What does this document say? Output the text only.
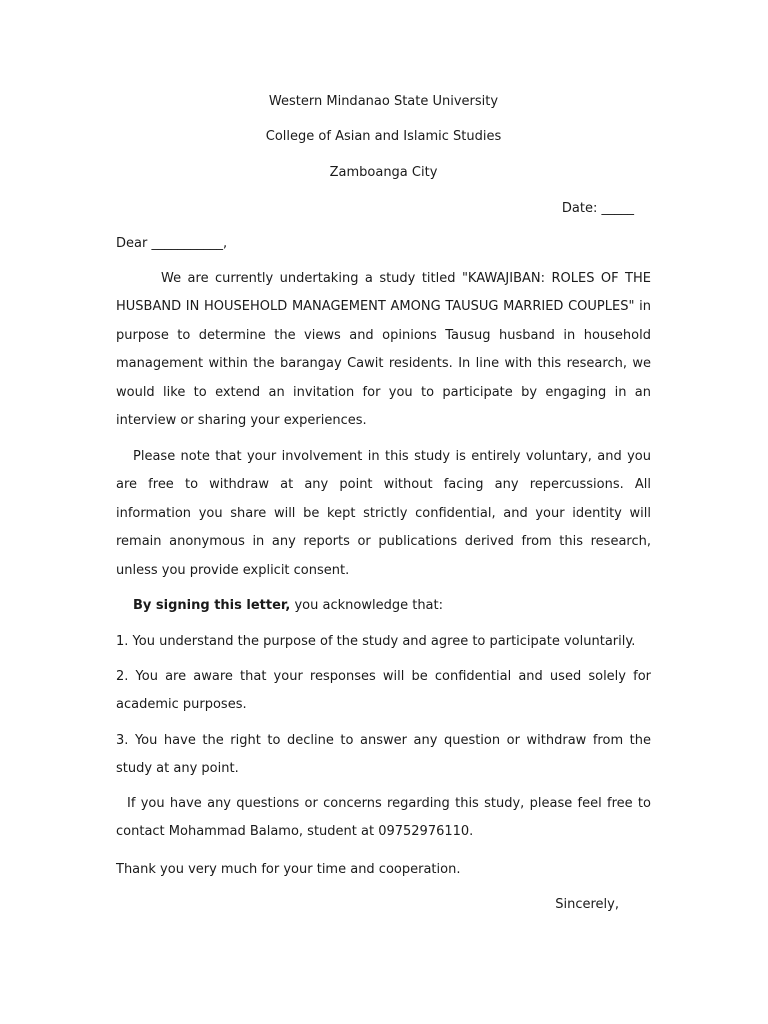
Western Mindanao State University
College of Asian and Islamic Studies
Zamboanga City
Date: _____
Dear ___________,

We are currently undertaking a study titled "KAWAJIBAN: ROLES OF THE HUSBAND IN HOUSEHOLD MANAGEMENT AMONG TAUSUG MARRIED COUPLES" in purpose to determine the views and opinions Tausug husband in household management within the barangay Cawit residents. In line with this research, we would like to extend an invitation for you to participate by engaging in an interview or sharing your experiences.

Please note that your involvement in this study is entirely voluntary, and you are free to withdraw at any point without facing any repercussions. All information you share will be kept strictly confidential, and your identity will remain anonymous in any reports or publications derived from this research, unless you provide explicit consent.

By signing this letter, you acknowledge that:
1. You understand the purpose of the study and agree to participate voluntarily.

2. You are aware that your responses will be confidential and used solely for academic purposes.

3. You have the right to decline to answer any question or withdraw from the study at any point.

If you have any questions or concerns regarding this study, please feel free to contact Mohammad Balamo, student at 09752976110.

Thank you very much for your time and cooperation.
Sincerely,
